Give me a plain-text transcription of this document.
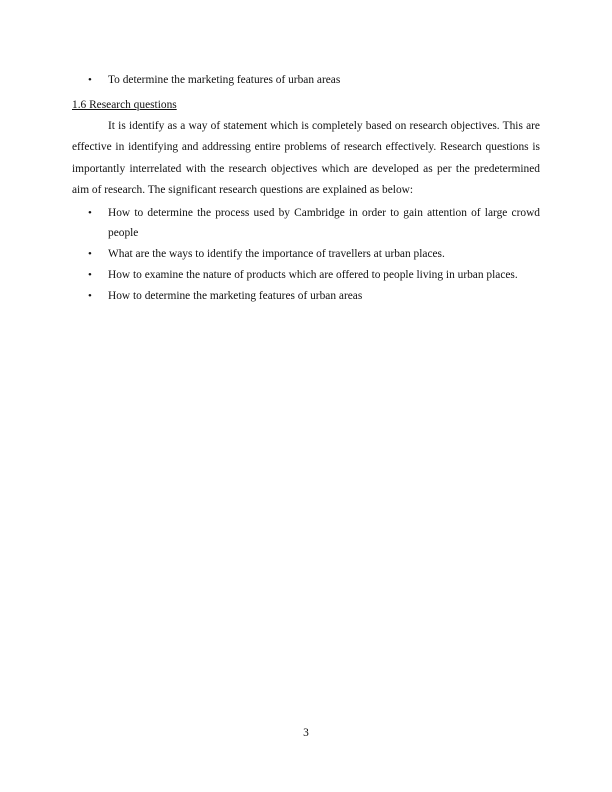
• To determine the marketing features of urban areas

1.6 Research questions

It is identify as a way of statement which is completely based on research objectives. This are effective in identifying and addressing entire problems of research effectively. Research questions is importantly interrelated with the research objectives which are developed as per the predetermined aim of research. The significant research questions are explained as below:

• How to determine the process used by Cambridge in order to gain attention of large crowd people
• What are the ways to identify the importance of travellers at urban places.
• How to examine the nature of products which are offered to people living in urban places.
• How to determine the marketing features of urban areas
3
